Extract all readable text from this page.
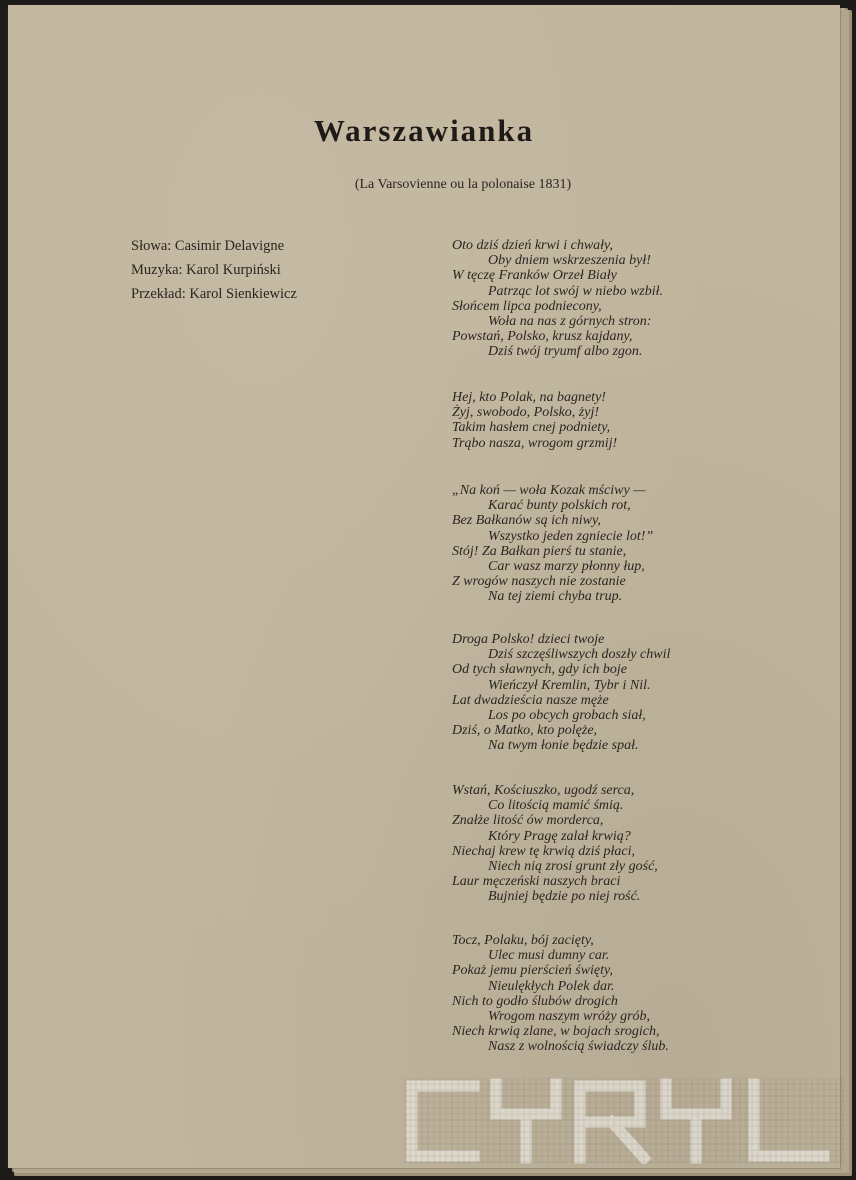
Warszawianka
(La Varsovienne ou la polonaise 1831)
Słowa: Casimir Delavigne
Muzyka: Karol Kurpiński
Przekład: Karol Sienkiewicz
Oto dziś dzień krwi i chwały,
Oby dniem wskrzeszenia był!
W tęczę Franków Orzeł Biały
Patrząc lot swój w niebo wzbił.
Słońcem lipca podniecony,
Woła na nas z górnych stron:
Powstań, Polsko, krusz kajdany,
Dziś twój tryumf albo zgon.
Hej, kto Polak, na bagnety!
Żyj, swobodo, Polsko, żyj!
Takim hasłem cnej podniety,
Trąbo nasza, wrogom grzmij!
„Na koń — woła Kozak mściwy —
Karać bunty polskich rot,
Bez Bałkanów są ich niwy,
Wszystko jeden zgniecie lot!”
Stój! Za Bałkan pierś tu stanie,
Car wasz marzy płonny łup,
Z wrogów naszych nie zostanie
Na tej ziemi chyba trup.
Droga Polsko! dzieci twoje
Dziś szczęśliwszych doszły chwil
Od tych sławnych, gdy ich boje
Wieńczył Kremlin, Tybr i Nil.
Lat dwadzieścia nasze męże
Los po obcych grobach siał,
Dziś, o Matko, kto polęże,
Na twym łonie będzie spał.
Wstań, Kościuszko, ugodź serca,
Co litością mamić śmią.
Znałże litość ów morderca,
Który Pragę zalał krwią?
Niechaj krew tę krwią dziś płaci,
Niech nią zrosi grunt zły gość,
Laur męczeński naszych braci
Bujniej będzie po niej rość.
Tocz, Polaku, bój zacięty,
Ulec musi dumny car.
Pokaż jemu pierścień święty,
Nieulękłych Polek dar.
Nich to godło ślubów drogich
Wrogom naszym wróży grób,
Niech krwią zlane, w bojach srogich,
Nasz z wolnością świadczy ślub.
